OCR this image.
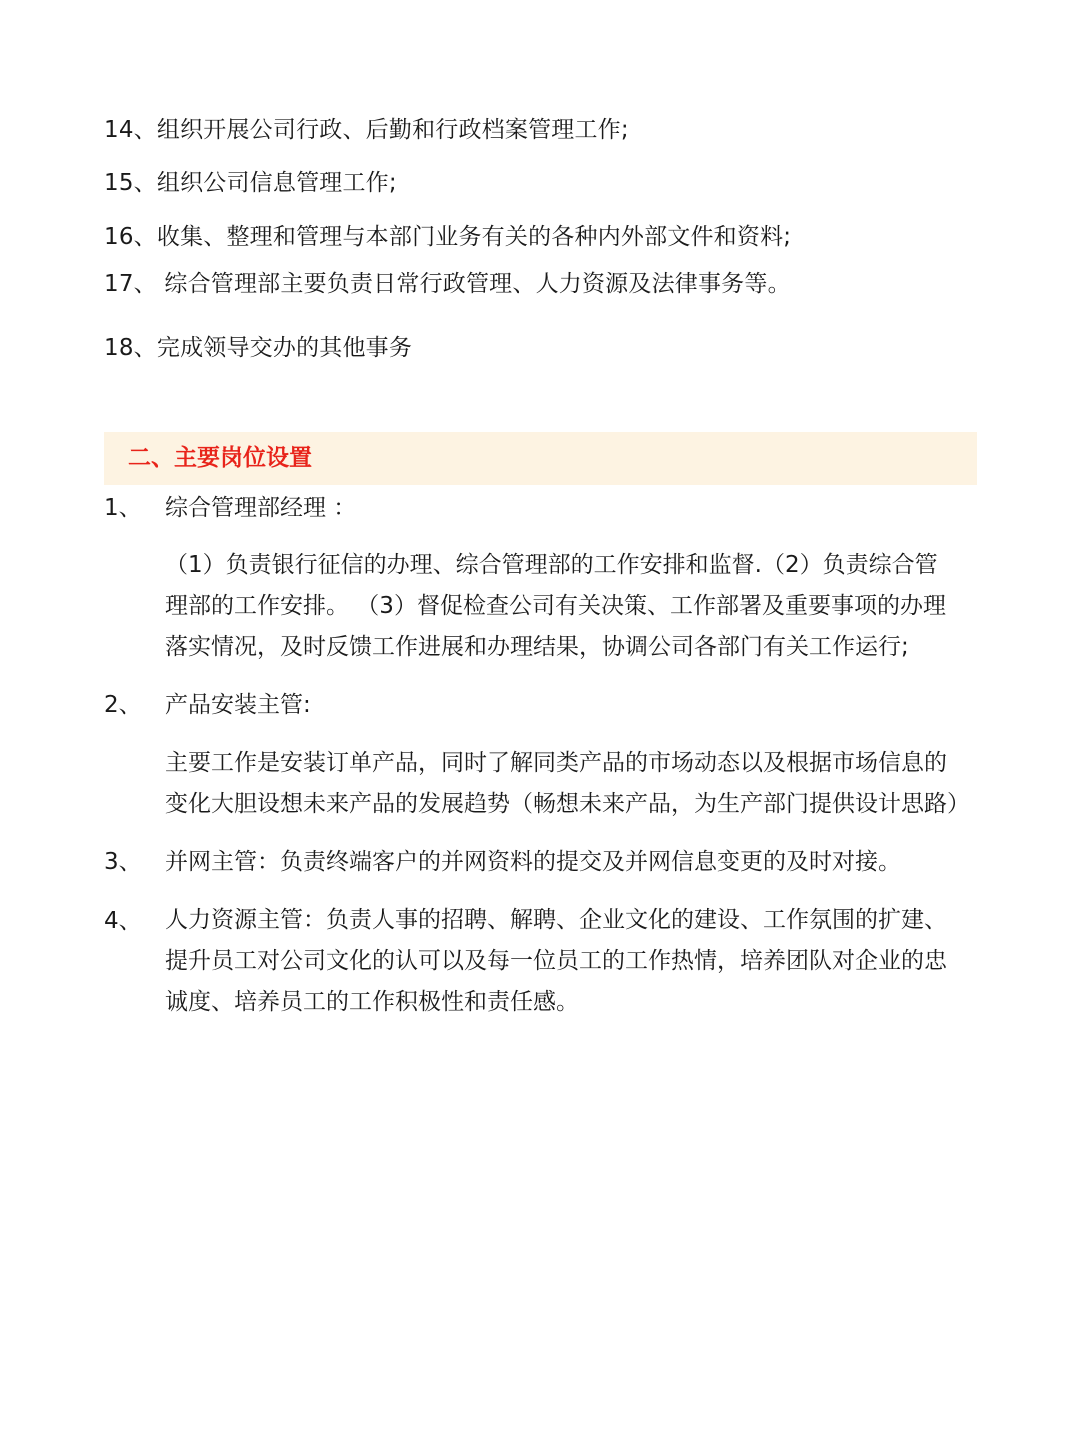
14、组织开展公司行政、后勤和行政档案管理工作;
15、组织公司信息管理工作;
16、收集、整理和管理与本部门业务有关的各种内外部文件和资料;
17、 综合管理部主要负责日常行政管理、人力资源及法律事务等。
18、完成领导交办的其他事务
二、主要岗位设置
1、 综合管理部经理 ：
（1）负责银行征信的办理、综合管理部的工作安排和监督.（2）负责综合管
理部的工作安排。 （3）督促检查公司有关决策、工作部署及重要事项的办理
落实情况，及时反馈工作进展和办理结果，协调公司各部门有关工作运行;
2、 产品安装主管:
主要工作是安装订单产品，同时了解同类产品的市场动态以及根据市场信息的
变化大胆设想未来产品的发展趋势（畅想未来产品，为生产部门提供设计思路）
3、 并网主管：负责终端客户的并网资料的提交及并网信息变更的及时对接。
4、 人力资源主管：负责人事的招聘、解聘、企业文化的建设、工作氛围的扩建、
提升员工对公司文化的认可以及每一位员工的工作热情，培养团队对企业的忠
诚度、培养员工的工作积极性和责任感。
